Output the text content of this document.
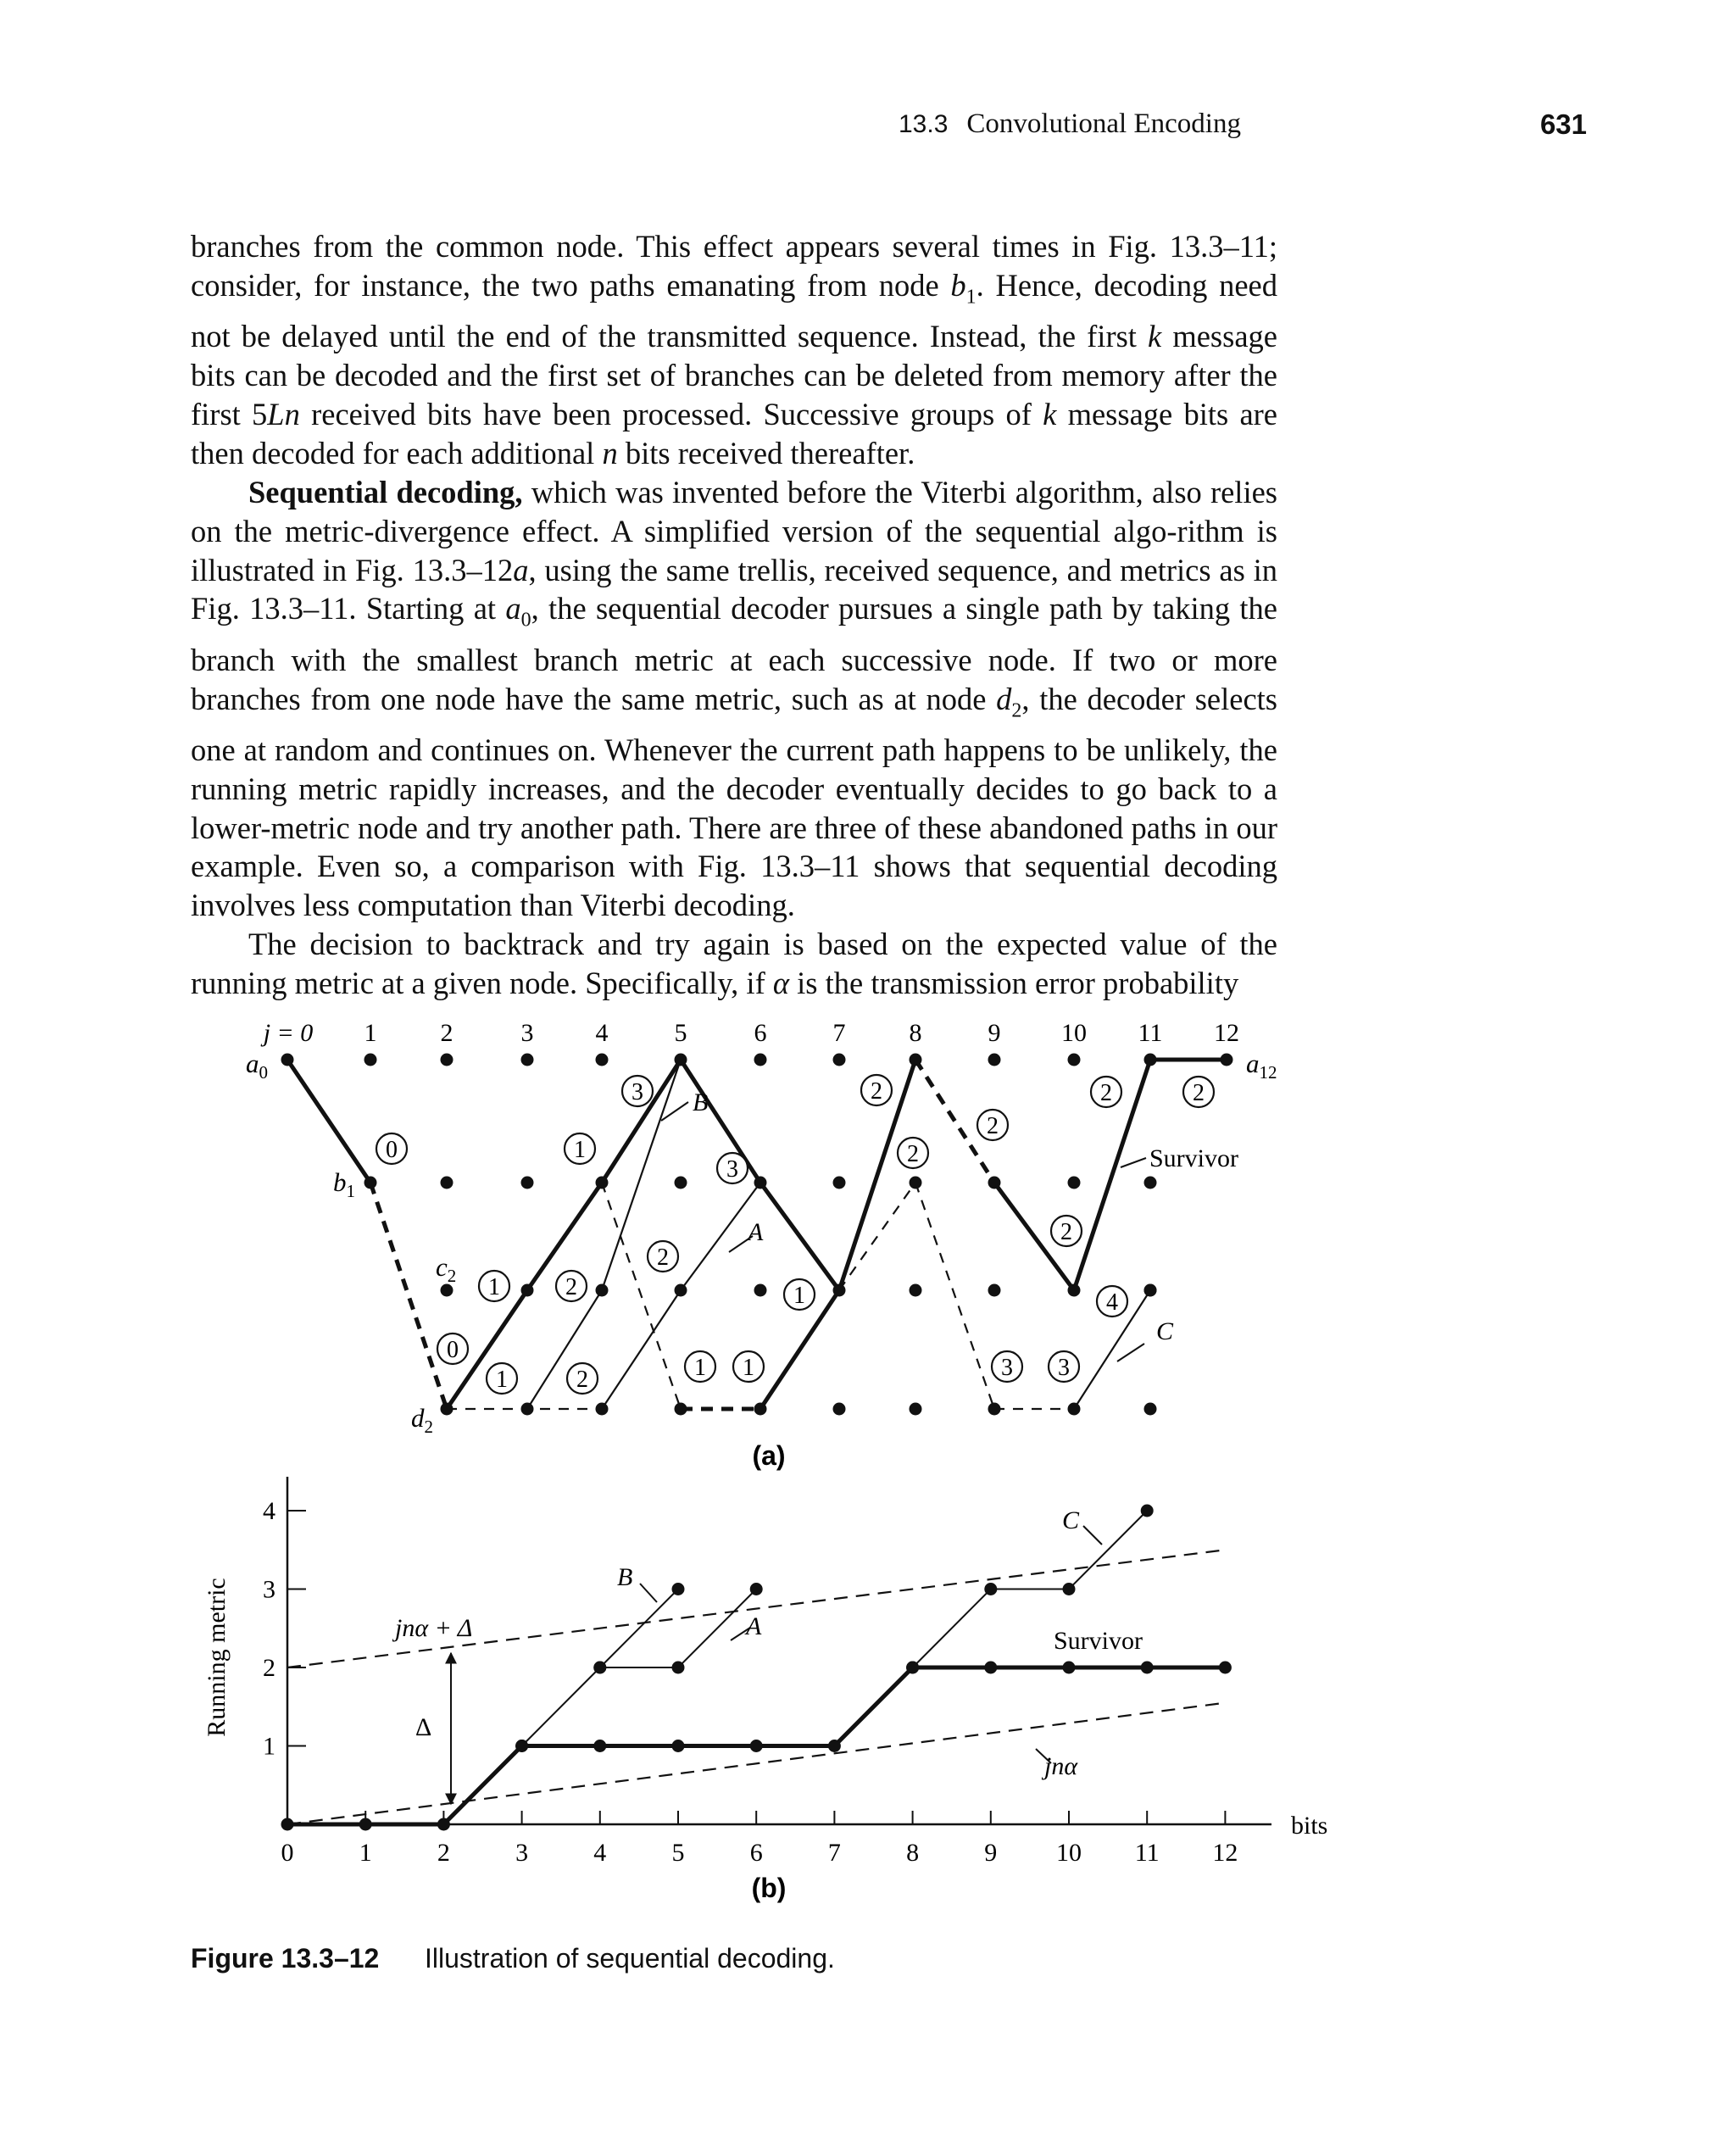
13.3 Convolutional Encoding	631

branches from the common node. This effect appears several times in Fig. 13.3–11; consider, for instance, the two paths emanating from node $b_1$. Hence, decoding need not be delayed until the end of the transmitted sequence. Instead, the first k message bits can be decoded and the first set of branches can be deleted from memory after the first 5Ln received bits have been processed. Successive groups of k message bits are then decoded for each additional n bits received thereafter.

Sequential decoding, which was invented before the Viterbi algorithm, also relies on the metric-divergence effect. A simplified version of the sequential algo-rithm is illustrated in Fig. 13.3–12a, using the same trellis, received sequence, and metrics as in Fig. 13.3–11. Starting at $a_0$, the sequential decoder pursues a single path by taking the branch with the smallest branch metric at each successive node. If two or more branches from one node have the same metric, such as at node $d_2$, the decoder selects one at random and continues on. Whenever the current path happens to be unlikely, the running metric rapidly increases, and the decoder eventually decides to go back to a lower-metric node and try another path. There are three of these abandoned paths in our example. Even so, a comparison with Fig. 13.3–11 shows that sequential decoding involves less computation than Viterbi decoding.

The decision to backtrack and try again is based on the expected value of the running metric at a given node. Specifically, if α is the transmission error probability

0	1
3
3
2
2
2
2	2
0
1	2
2
2
1	4
1	2	1 1	3 3
j = 0 1	2	3 4	5	6	7	8	9 10 11 12
$a_0$
$b_1$
$c_2$
$d_2$
$a_{12}$
B
A
C
Survivor
(a)
0	1	2	3	4	5	6	7	8	9 10 11 12
1
2
3
4
Running metric
bits
Δ
jnα + Δ
B
A
C
Survivor
jnα
(b)
Figure 13.3–12 Illustration of sequential decoding.
